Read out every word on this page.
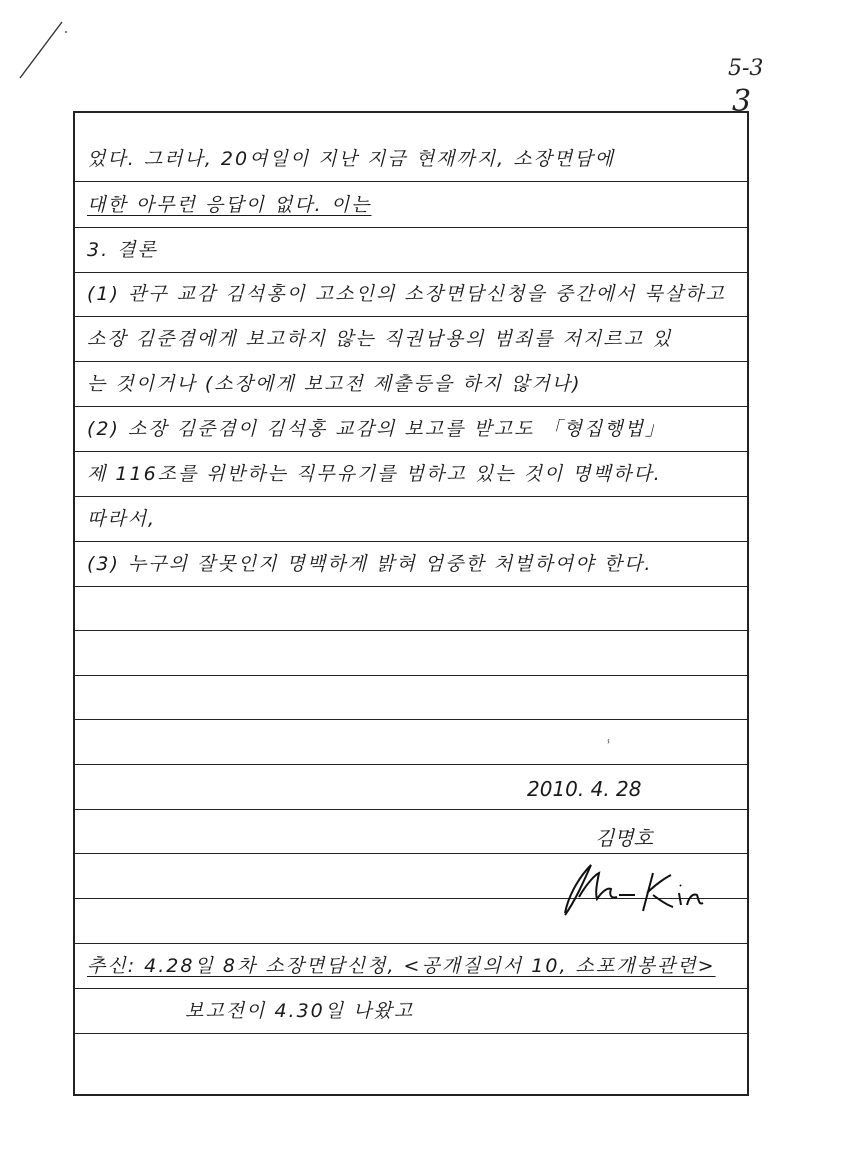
5-3
3
었다. 그러나, 20여일이 지난 지금 현재까지, 소장면담에
대한 아무런 응답이 없다. 이는
3. 결론
(1) 관구 교감 김석홍이 고소인의 소장면담신청을 중간에서 묵살하고
소장 김준겸에게 보고하지 않는 직권남용의 범죄를 저지르고 있
는 것이거나 (소장에게 보고전 제출등을 하지 않거나)
(2) 소장 김준겸이 김석홍 교감의 보고를 받고도 「형집행법」
제 116조를 위반하는 직무유기를 범하고 있는 것이 명백하다.
따라서,
(3) 누구의 잘못인지 명백하게 밝혀 엄중한 처벌하여야 한다.
ⸯ
2010. 4. 28
김명호
추신: 4.28일 8차 소장면담신청, <공개질의서 10, 소포개봉관련>
보고전이 4.30일 나왔고
